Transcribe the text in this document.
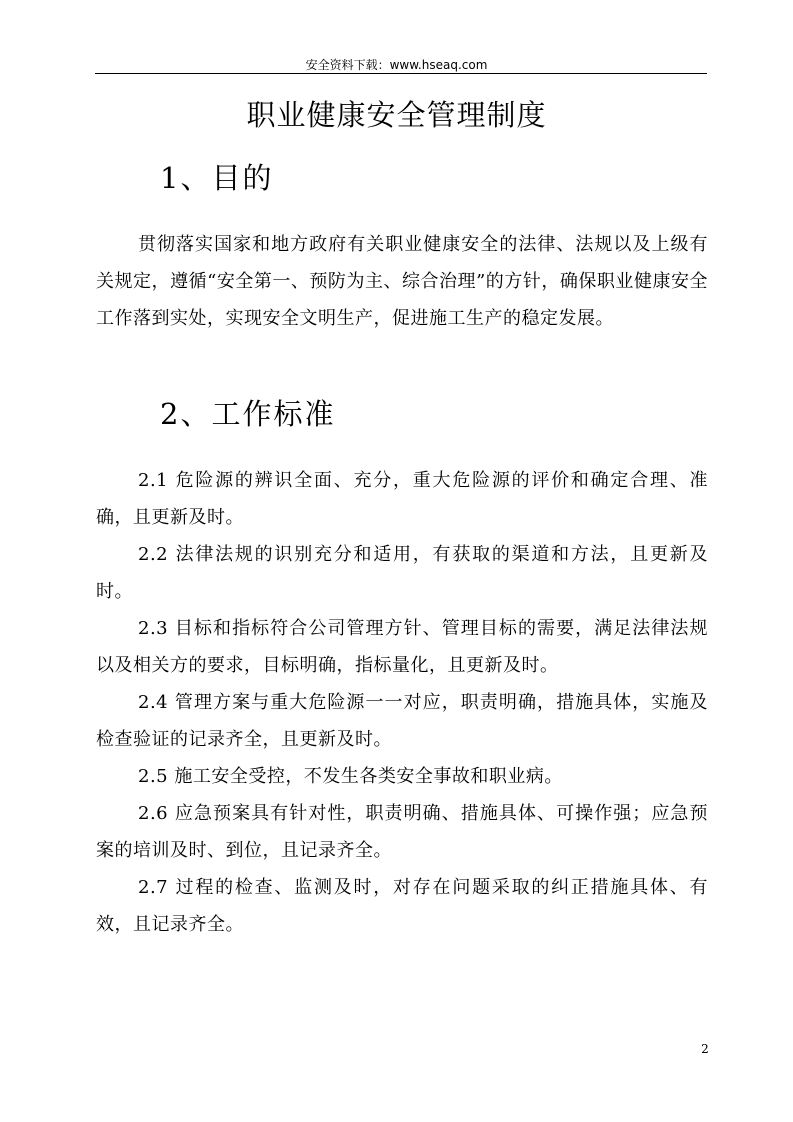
安全资料下载：www.hseaq.com
职业健康安全管理制度
1、目的
贯彻落实国家和地方政府有关职业健康安全的法律、法规以及上级有关规定，遵循“安全第一、预防为主、综合治理”的方针，确保职业健康安全工作落到实处，实现安全文明生产，促进施工生产的稳定发展。
2、工作标准
2.1 危险源的辨识全面、充分，重大危险源的评价和确定合理、准确，且更新及时。
2.2 法律法规的识别充分和适用，有获取的渠道和方法，且更新及时。
2.3 目标和指标符合公司管理方针、管理目标的需要，满足法律法规以及相关方的要求，目标明确，指标量化，且更新及时。
2.4 管理方案与重大危险源一一对应，职责明确，措施具体，实施及检查验证的记录齐全，且更新及时。
2.5 施工安全受控，不发生各类安全事故和职业病。
2.6 应急预案具有针对性，职责明确、措施具体、可操作强；应急预案的培训及时、到位，且记录齐全。
2.7 过程的检查、监测及时，对存在问题采取的纠正措施具体、有效，且记录齐全。
2
